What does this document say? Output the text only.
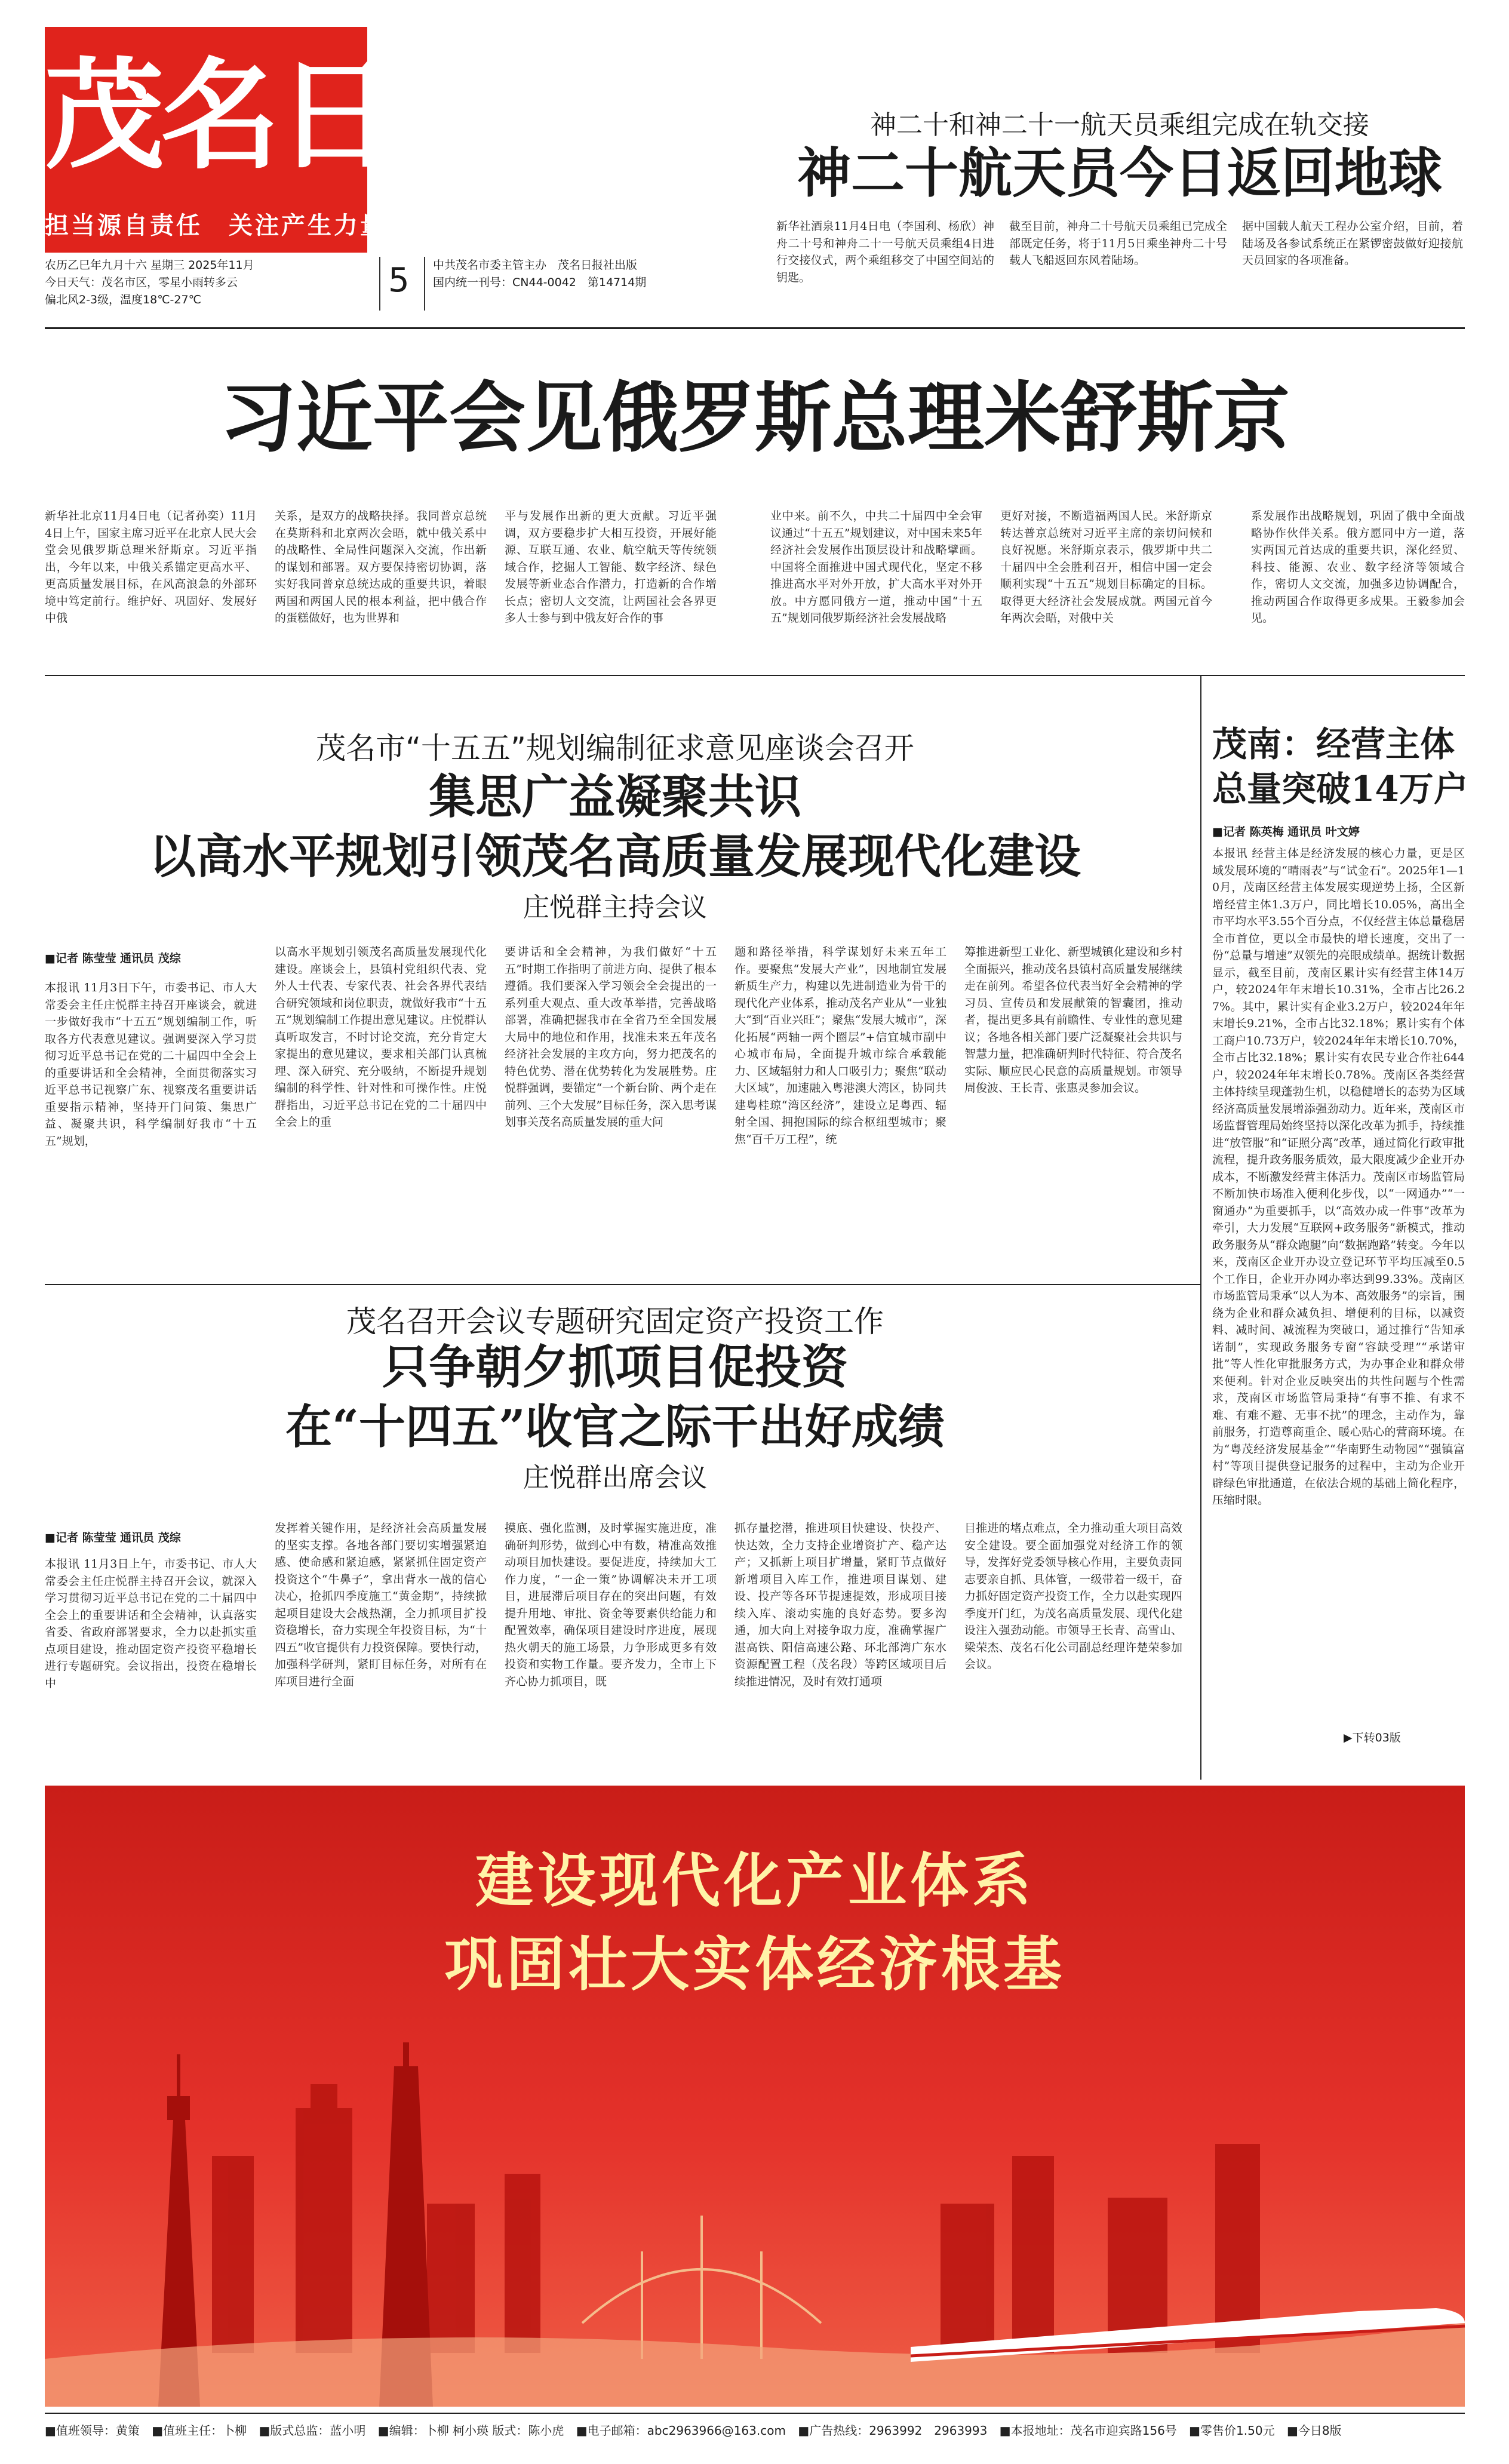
茂名日報
担当源自责任　关注产生力量
农历乙巳年九月十六 星期三 2025年11月
今日天气：茂名市区，零星小雨转多云
偏北风2-3级，温度18℃-27℃	5 中共茂名市委主管主办　茂名日报社出版
国内统一刊号：CN44-0042　第14714期
神二十和神二十一航天员乘组完成在轨交接
神二十航天员今日返回地球
新华社酒泉11月4日电（李国利、杨欣）神舟二十号和神舟二十一号航天员乘组4日进行交接仪式，两个乘组移交了中国空间站的钥匙。
截至目前，神舟二十号航天员乘组已完成全部既定任务，将于11月5日乘坐神舟二十号载人飞船返回东风着陆场。
据中国载人航天工程办公室介绍，目前，着陆场及各参试系统正在紧锣密鼓做好迎接航天员回家的各项准备。
习近平会见俄罗斯总理米舒斯京
新华社北京11月4日电（记者孙奕）11月4日上午，国家主席习近平在北京人民大会堂会见俄罗斯总理米舒斯京。习近平指出，今年以来，中俄关系锚定更高水平、更高质量发展目标，在风高浪急的外部环境中笃定前行。维护好、巩固好、发展好中俄
关系，是双方的战略抉择。我同普京总统在莫斯科和北京两次会晤，就中俄关系中的战略性、全局性问题深入交流，作出新的谋划和部署。双方要保持密切协调，落实好我同普京总统达成的重要共识，着眼两国和两国人民的根本利益，把中俄合作的蛋糕做好，也为世界和
平与发展作出新的更大贡献。习近平强调，双方要稳步扩大相互投资，开展好能源、互联互通、农业、航空航天等传统领域合作，挖掘人工智能、数字经济、绿色发展等新业态合作潜力，打造新的合作增长点；密切人文交流，让两国社会各界更多人士参与到中俄友好合作的事
业中来。前不久，中共二十届四中全会审议通过“十五五”规划建议，对中国未来5年经济社会发展作出顶层设计和战略擘画。中国将全面推进中国式现代化，坚定不移推进高水平对外开放，扩大高水平对外开放。中方愿同俄方一道，推动中国“十五五”规划同俄罗斯经济社会发展战略
更好对接，不断造福两国人民。米舒斯京转达普京总统对习近平主席的亲切问候和良好祝愿。米舒斯京表示，俄罗斯中共二十届四中全会胜利召开，相信中国一定会顺利实现“十五五”规划目标确定的目标。取得更大经济社会发展成就。两国元首今年两次会晤，对俄中关
系发展作出战略规划，巩固了俄中全面战略协作伙伴关系。俄方愿同中方一道，落实两国元首达成的重要共识，深化经贸、科技、能源、农业、数字经济等领域合作，密切人文交流，加强多边协调配合，推动两国合作取得更多成果。王毅参加会见。
茂名市“十五五”规划编制征求意见座谈会召开
集思广益凝聚共识
以高水平规划引领茂名高质量发展现代化建设
庄悦群主持会议
■记者 陈莹莹 通讯员 茂综
本报讯 11月3日下午，市委书记、市人大常委会主任庄悦群主持召开座谈会，就进一步做好我市“十五五”规划编制工作，听取各方代表意见建议。强调要深入学习贯彻习近平总书记在党的二十届四中全会上的重要讲话和全会精神，全面贯彻落实习近平总书记视察广东、视察茂名重要讲话重要指示精神，坚持开门问策、集思广益、凝聚共识，科学编制好我市“十五五”规划，
以高水平规划引领茂名高质量发展现代化建设。座谈会上，县镇村党组织代表、党外人士代表、专家代表、社会各界代表结合研究领域和岗位职责，就做好我市“十五五”规划编制工作提出意见建议。庄悦群认真听取发言，不时讨论交流，充分肯定大家提出的意见建议，要求相关部门认真梳理、深入研究、充分吸纳，不断提升规划编制的科学性、针对性和可操作性。庄悦群指出，习近平总书记在党的二十届四中全会上的重
要讲话和全会精神，为我们做好“十五五”时期工作指明了前进方向、提供了根本遵循。我们要深入学习领会全会提出的一系列重大观点、重大改革举措，完善战略部署，准确把握我市在全省乃至全国发展大局中的地位和作用，找准未来五年茂名经济社会发展的主攻方向，努力把茂名的特色优势、潜在优势转化为发展胜势。庄悦群强调，要锚定“一个新台阶、两个走在前列、三个大发展”目标任务，深入思考谋划事关茂名高质量发展的重大问
题和路径举措，科学谋划好未来五年工作。要聚焦“发展大产业”，因地制宜发展新质生产力，构建以先进制造业为骨干的现代化产业体系，推动茂名产业从“一业独大”到“百业兴旺”；聚焦“发展大城市”，深化拓展“两轴一两个圈层”+信宜城市副中心城市布局，全面提升城市综合承载能力、区域辐射力和人口吸引力；聚焦“联动大区域”，加速融入粤港澳大湾区，协同共建粤桂琼“湾区经济”，建设立足粤西、辐射全国、拥抱国际的综合枢纽型城市；聚焦“百千万工程”，统
筹推进新型工业化、新型城镇化建设和乡村全面振兴，推动茂名县镇村高质量发展继续走在前列。希望各位代表当好全会精神的学习员、宣传员和发展献策的智囊团，推动者，提出更多具有前瞻性、专业性的意见建议；各地各相关部门要广泛凝聚社会共识与智慧力量，把准确研判时代特征、符合茂名实际、顺应民心民意的高质量规划。市领导周俊波、王长青、张惠灵参加会议。
茂南：经营主体
总量突破14万户
■记者 陈英梅 通讯员 叶文婷
本报讯 经营主体是经济发展的核心力量，更是区域发展环境的“晴雨表”与“试金石”。2025年1—10月，茂南区经营主体发展实现逆势上扬，全区新增经营主体1.3万户，同比增长10.05%，高出全市平均水平3.55个百分点，不仅经营主体总量稳居全市首位，更以全市最快的增长速度，交出了一份“总量与增速”双领先的亮眼成绩单。据统计数据显示，截至目前，茂南区累计实有经营主体14万户，较2024年年末增长10.31%，全市占比26.27%。其中，累计实有企业3.2万户，较2024年年末增长9.21%，全市占比32.18%；累计实有个体工商户10.73万户，较2024年年末增长10.70%，全市占比32.18%；累计实有农民专业合作社644户，较2024年年末增长0.78%。茂南区各类经营主体持续呈现蓬勃生机，以稳健增长的态势为区域经济高质量发展增添强劲动力。近年来，茂南区市场监督管理局始终坚持以深化改革为抓手，持续推进“放管服”和“证照分离”改革，通过简化行政审批流程，提升政务服务质效，最大限度减少企业开办成本，不断激发经营主体活力。茂南区市场监管局不断加快市场准入便利化步伐，以“一网通办”“一窗通办”为重要抓手，以“高效办成一件事”改革为牵引，大力发展“互联网+政务服务”新模式，推动政务服务从“群众跑腿”向“数据跑路”转变。今年以来，茂南区企业开办设立登记环节平均压减至0.5个工作日，企业开办网办率达到99.33%。茂南区市场监管局秉承“以人为本、高效服务”的宗旨，围绕为企业和群众减负担、增便利的目标，以减资料、减时间、减流程为突破口，通过推行“告知承诺制”，实现政务服务专窗“容缺受理”“承诺审批”等人性化审批服务方式，为办事企业和群众带来便利。针对企业反映突出的共性问题与个性需求，茂南区市场监管局秉持“有事不推、有求不难、有难不避、无事不扰”的理念，主动作为，靠前服务，打造尊商重企、暖心贴心的营商环境。在为“粤茂经济发展基金”“华南野生动物园”“强镇富村”等项目提供登记服务的过程中，主动为企业开辟绿色审批通道，在依法合规的基础上简化程序，压缩时限。
▶下转03版
茂名召开会议专题研究固定资产投资工作
只争朝夕抓项目促投资
在“十四五”收官之际干出好成绩
庄悦群出席会议
■记者 陈莹莹 通讯员 茂综
本报讯 11月3日上午，市委书记、市人大常委会主任庄悦群主持召开会议，就深入学习贯彻习近平总书记在党的二十届四中全会上的重要讲话和全会精神，认真落实省委、省政府部署要求，全力以赴抓实重点项目建设，推动固定资产投资平稳增长进行专题研究。会议指出，投资在稳增长中
发挥着关键作用，是经济社会高质量发展的坚实支撑。各地各部门要切实增强紧迫感、使命感和紧迫感，紧紧抓住固定资产投资这个“牛鼻子”，拿出背水一战的信心决心，抢抓四季度施工“黄金期”，持续掀起项目建设大会战热潮，全力抓项目扩投资稳增长，奋力实现全年投资目标，为“十四五”收官提供有力投资保障。要快行动，加强科学研判，紧盯目标任务，对所有在库项目进行全面
摸底、强化监测，及时掌握实施进度，准确研判形势，做到心中有数，精准高效推动项目加快建设。要促进度，持续加大工作力度，“一企一策”协调解决未开工项目，进展滞后项目存在的突出问题，有效提升用地、审批、资金等要素供给能力和配置效率，确保项目建设时序进度，展现热火朝天的施工场景，力争形成更多有效投资和实物工作量。要齐发力，全市上下齐心协力抓项目，既
抓存量挖潜，推进项目快建设、快投产、快达效，全力支持企业增资扩产、稳产达产；又抓新上项目扩增量，紧盯节点做好新增项目入库工作，推进项目谋划、建设、投产等各环节提速提效，形成项目接续入库、滚动实施的良好态势。要多沟通，加大向上对接争取力度，准确掌握广湛高铁、阳信高速公路、环北部湾广东水资源配置工程（茂名段）等跨区域项目后续推进情况，及时有效打通项
目推进的堵点难点，全力推动重大项目高效安全建设。要全面加强党对经济工作的领导，发挥好党委领导核心作用，主要负责同志要亲自抓、具体管，一级带着一级干，奋力抓好固定资产投资工作，全力以赴实现四季度开门红，为茂名高质量发展、现代化建设注入强劲动能。市领导王长青、高雪山、梁荣杰、茂名石化公司副总经理许楚荣参加会议。
建设现代化产业体系
巩固壮大实体经济根基
■值班领导：黄策 ■值班主任：卜柳 ■版式总监：蓝小明 ■编辑：卜柳 柯小瑛 版式：陈小虎 ■电子邮箱：abc2963966@163.com ■广告热线：2963992　2963993 ■本报地址：茂名市迎宾路156号 ■零售价1.50元 ■今日8版
